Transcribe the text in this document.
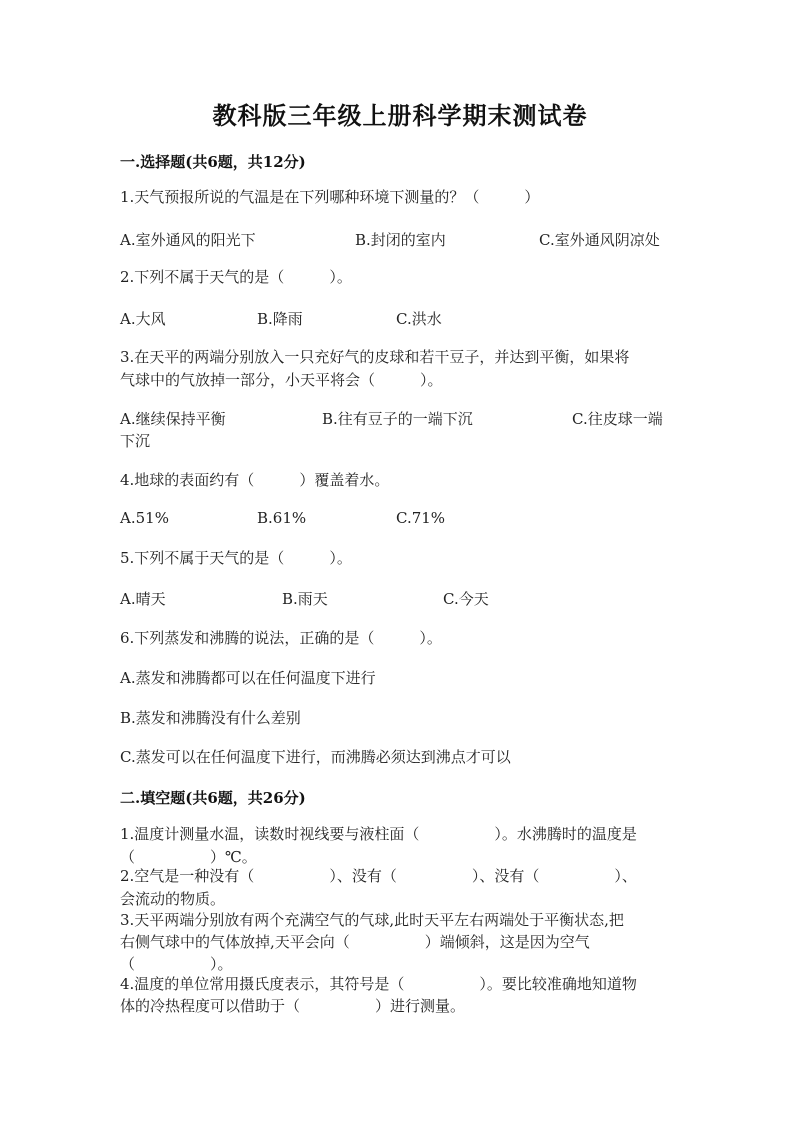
教科版三年级上册科学期末测试卷
一.选择题(共6题，共12分)
1.天气预报所说的气温是在下列哪种环境下测量的？（　　　）
A.室外通风的阳光下	B.封闭的室内	C.室外通风阴凉处
2.下列不属于天气的是（　　　）。
A.大风	B.降雨	C.洪水
3.在天平的两端分别放入一只充好气的皮球和若干豆子，并达到平衡，如果将
气球中的气放掉一部分，小天平将会（　　　）。
A.继续保持平衡	B.往有豆子的一端下沉	C.往皮球一端
下沉
4.地球的表面约有（　　　）覆盖着水。
A.51%	B.61%	C.71%
5.下列不属于天气的是（　　　）。
A.晴天	B.雨天	C.今天
6.下列蒸发和沸腾的说法，正确的是（　　　）。
A.蒸发和沸腾都可以在任何温度下进行
B.蒸发和沸腾没有什么差别
C.蒸发可以在任何温度下进行，而沸腾必须达到沸点才可以
二.填空题(共6题，共26分)
1.温度计测量水温，读数时视线要与液柱面（　　　　　）。水沸腾时的温度是
（　　　　　）℃。
2.空气是一种没有（　　　　　）、没有（　　　　　）、没有（　　　　　）、
会流动的物质。
3.天平两端分别放有两个充满空气的气球,此时天平左右两端处于平衡状态,把
右侧气球中的气体放掉,天平会向（　　　　　）端倾斜，这是因为空气
（　　　　　）。
4.温度的单位常用摄氏度表示，其符号是（　　　　　）。要比较准确地知道物
体的冷热程度可以借助于（　　　　　）进行测量。
